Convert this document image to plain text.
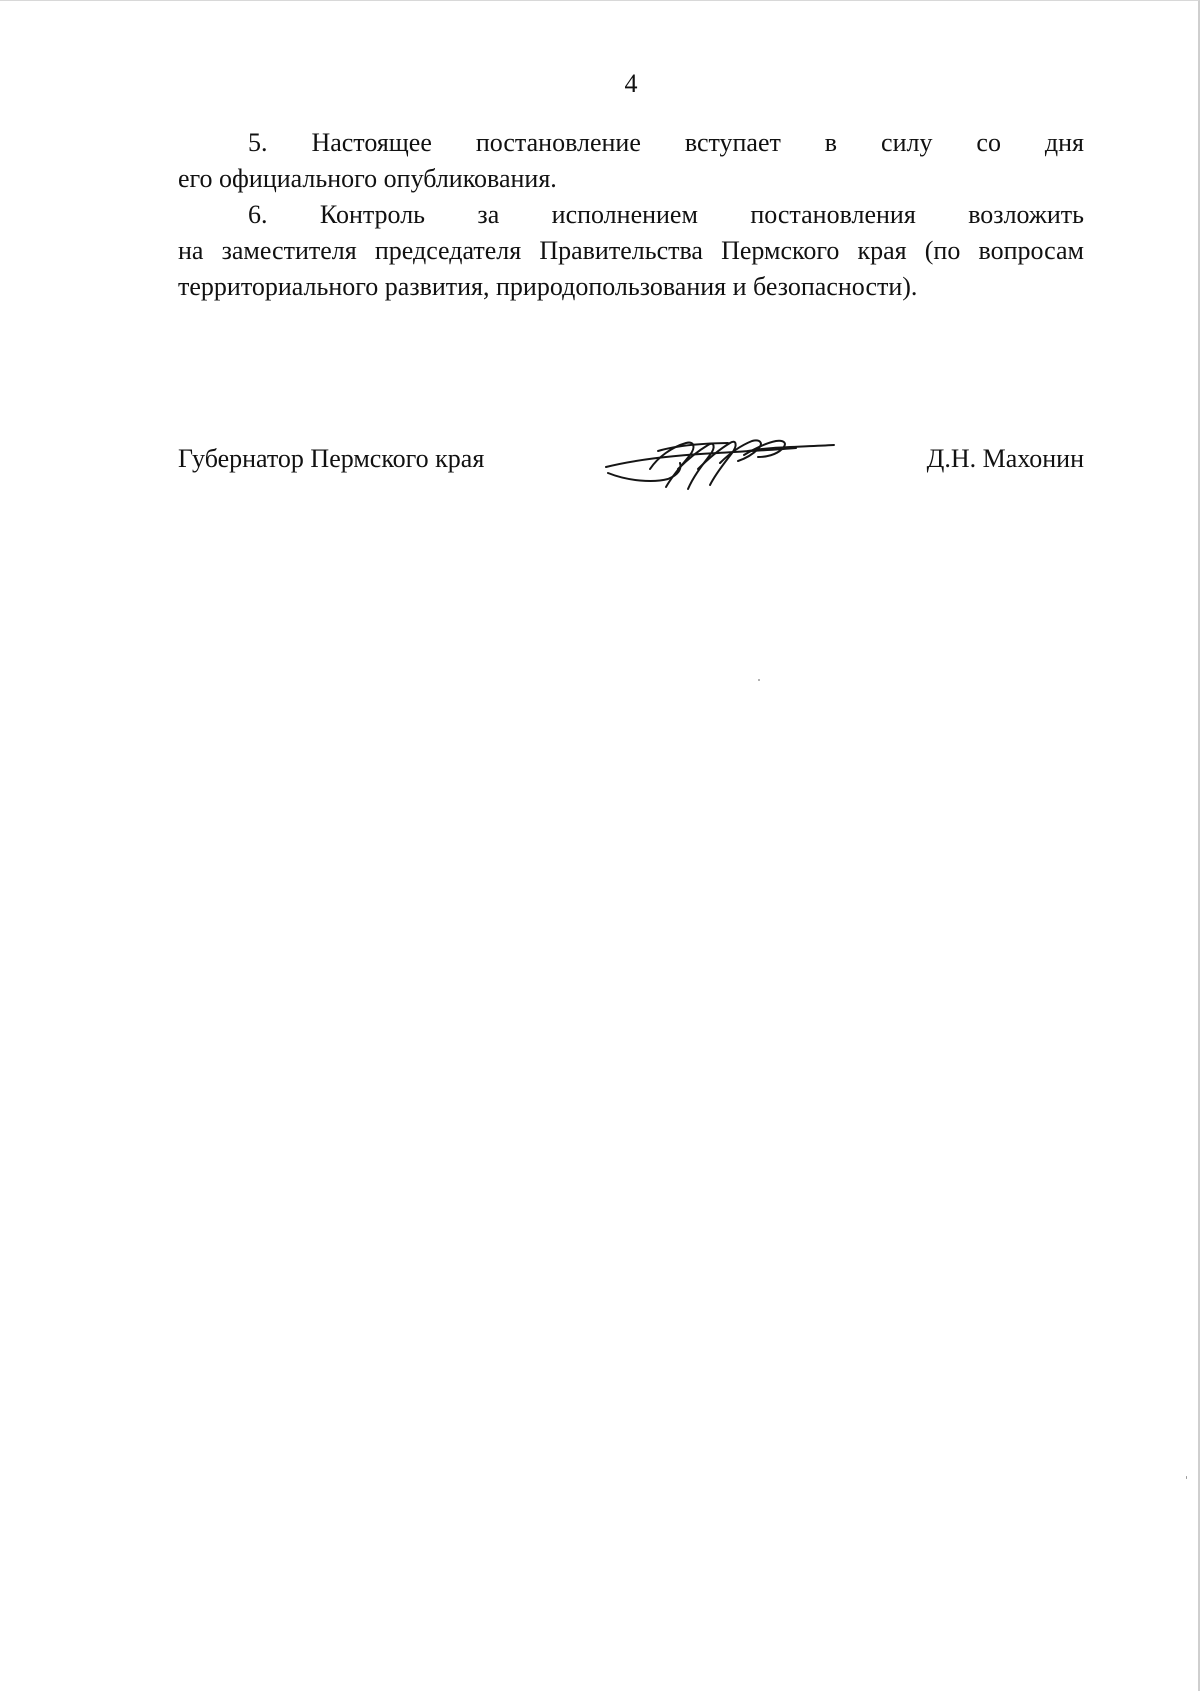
4

5. Настоящее постановление вступает в силу со дня
его официального опубликования.

6. Контроль за исполнением постановления возложить
на заместителя председателя Правительства Пермского края (по вопросам территориального развития, природопользования и безопасности).

Губернатор Пермского края	Д.Н. Махонин
